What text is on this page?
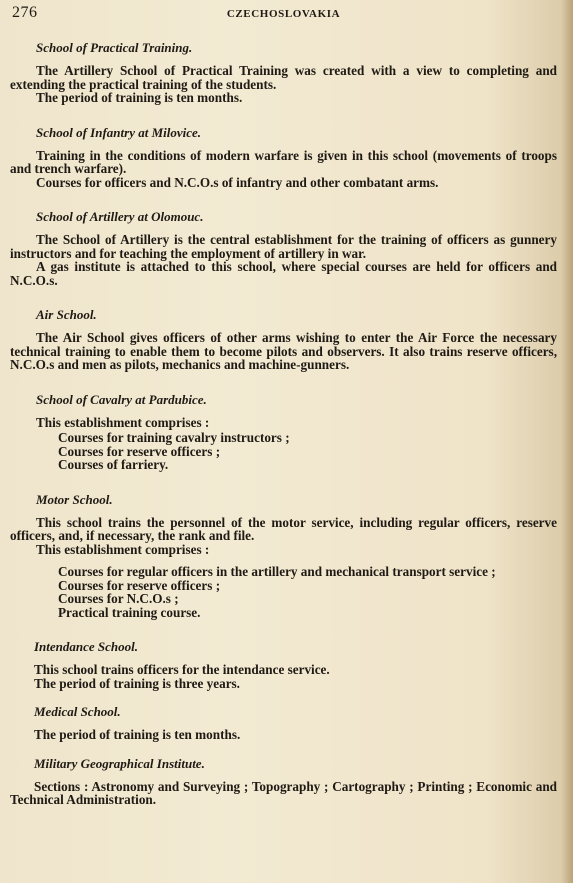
276	CZECHOSLOVAKIA
School of Practical Training.

The Artillery School of Practical Training was created with a view to completing and extending the practical training of the students.

The period of training is ten months.

School of Infantry at Milovice.

Training in the conditions of modern warfare is given in this school (movements of troops and trench warfare).

Courses for officers and N.C.O.s of infantry and other combatant arms.

School of Artillery at Olomouc.

The School of Artillery is the central establishment for the training of officers as gunnery instructors and for teaching the employment of artillery in war.

A gas institute is attached to this school, where special courses are held for officers and N.C.O.s.

Air School.

The Air School gives officers of other arms wishing to enter the Air Force the necessary technical training to enable them to become pilots and observers. It also trains reserve officers, N.C.O.s and men as pilots, mechanics and machine-gunners.

School of Cavalry at Pardubice.

This establishment comprises :

Courses for training cavalry instructors ;
Courses for reserve officers ;
Courses of farriery.
Motor School.

This school trains the personnel of the motor service, including regular officers, reserve officers, and, if necessary, the rank and file.

This establishment comprises :

Courses for regular officers in the artillery and mechanical transport service ;
Courses for reserve officers ;
Courses for N.C.O.s ;
Practical training course.
Intendance School.

This school trains officers for the intendance service.

The period of training is three years.

Medical School.

The period of training is ten months.

Military Geographical Institute.

Sections : Astronomy and Surveying ; Topography ; Cartography ; Printing ; Economic and Technical Administration.
